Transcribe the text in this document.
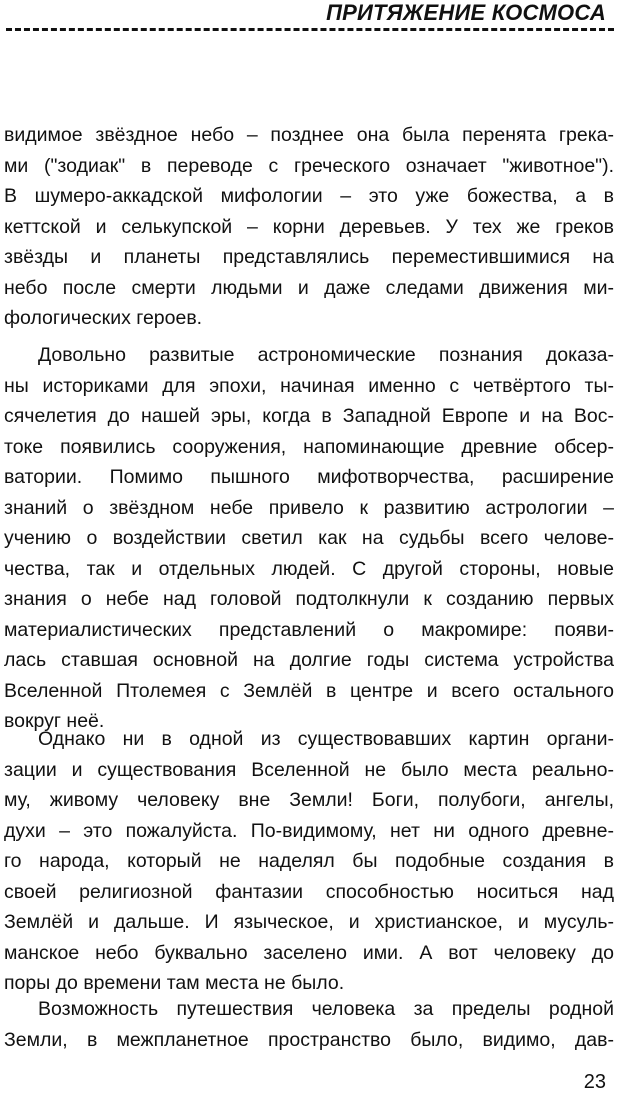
ПРИТЯЖЕНИЕ КОСМОСА
видимое звёздное небо – позднее она была перенята грека-
ми ("зодиак" в переводе с греческого означает "животное").
В шумеро-аккадской мифологии – это уже божества, а в
кеттской и селькупской – корни деревьев. У тех же греков
звёзды и планеты представлялись переместившимися на
небо после смерти людьми и даже следами движения ми-
фологических героев.
Довольно развитые астрономические познания доказа-
ны историками для эпохи, начиная именно с четвёртого ты-
сячелетия до нашей эры, когда в Западной Европе и на Вос-
токе появились сооружения, напоминающие древние обсер-
ватории. Помимо пышного мифотворчества, расширение
знаний о звёздном небе привело к развитию астрологии –
учению о воздействии светил как на судьбы всего челове-
чества, так и отдельных людей. С другой стороны, новые
знания о небе над головой подтолкнули к созданию первых
материалистических представлений о макромире: появи-
лась ставшая основной на долгие годы система устройства
Вселенной Птолемея с Землёй в центре и всего остального
вокруг неё.
Однако ни в одной из существовавших картин органи-
зации и существования Вселенной не было места реально-
му, живому человеку вне Земли! Боги, полубоги, ангелы,
духи – это пожалуйста. По-видимому, нет ни одного древне-
го народа, который не наделял бы подобные создания в
своей религиозной фантазии способностью носиться над
Землёй и дальше. И языческое, и христианское, и мусуль-
манское небо буквально заселено ими. А вот человеку до
поры до времени там места не было.
Возможность путешествия человека за пределы родной
Земли, в межпланетное пространство было, видимо, дав-
23
